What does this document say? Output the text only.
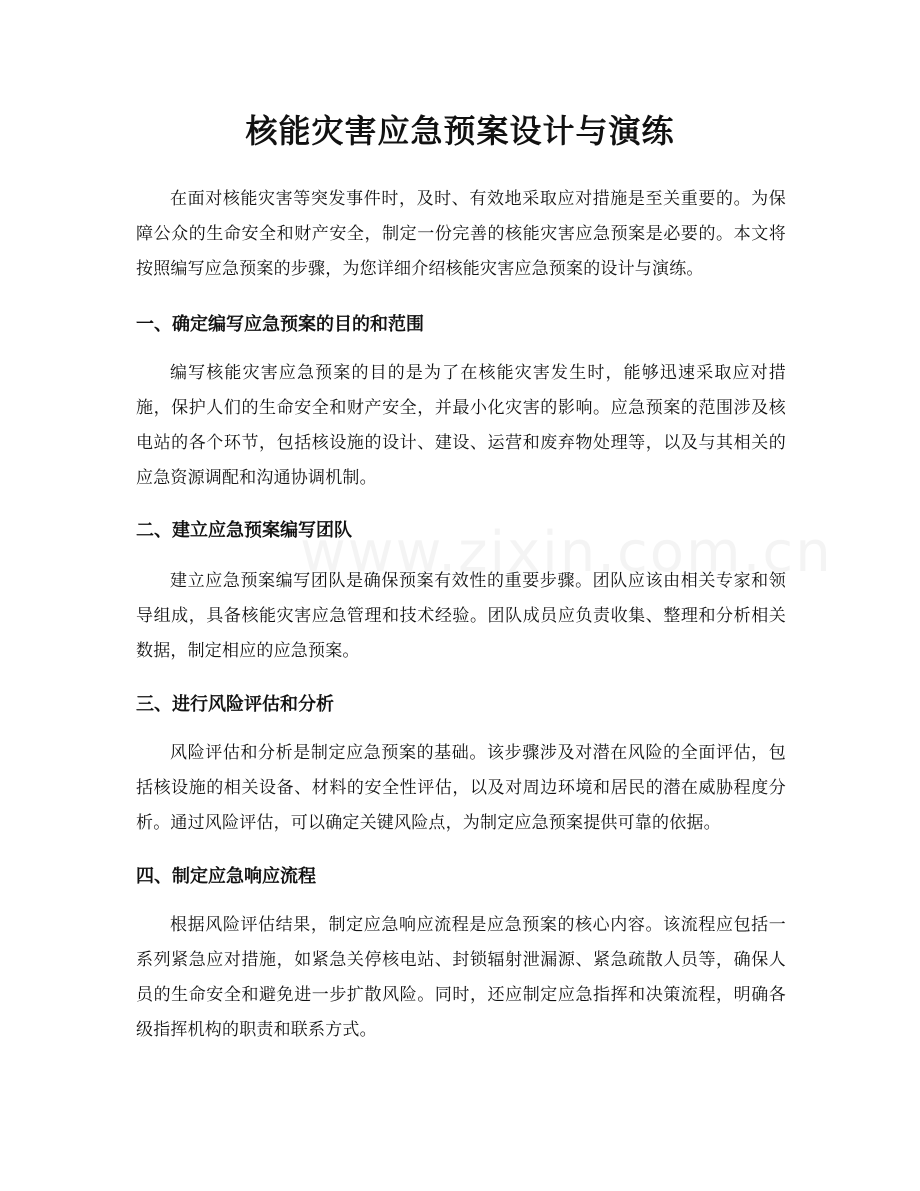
核能灾害应急预案设计与演练

在面对核能灾害等突发事件时，及时、有效地采取应对措施是至关重要的。为保障公众的生命安全和财产安全，制定一份完善的核能灾害应急预案是必要的。本文将按照编写应急预案的步骤，为您详细介绍核能灾害应急预案的设计与演练。

一、确定编写应急预案的目的和范围

编写核能灾害应急预案的目的是为了在核能灾害发生时，能够迅速采取应对措施，保护人们的生命安全和财产安全，并最小化灾害的影响。应急预案的范围涉及核电站的各个环节，包括核设施的设计、建设、运营和废弃物处理等，以及与其相关的应急资源调配和沟通协调机制。

二、建立应急预案编写团队

建立应急预案编写团队是确保预案有效性的重要步骤。团队应该由相关专家和领导组成，具备核能灾害应急管理和技术经验。团队成员应负责收集、整理和分析相关数据，制定相应的应急预案。

三、进行风险评估和分析

风险评估和分析是制定应急预案的基础。该步骤涉及对潜在风险的全面评估，包括核设施的相关设备、材料的安全性评估，以及对周边环境和居民的潜在威胁程度分析。通过风险评估，可以确定关键风险点，为制定应急预案提供可靠的依据。

四、制定应急响应流程

根据风险评估结果，制定应急响应流程是应急预案的核心内容。该流程应包括一系列紧急应对措施，如紧急关停核电站、封锁辐射泄漏源、紧急疏散人员等，确保人员的生命安全和避免进一步扩散风险。同时，还应制定应急指挥和决策流程，明确各级指挥机构的职责和联系方式。
